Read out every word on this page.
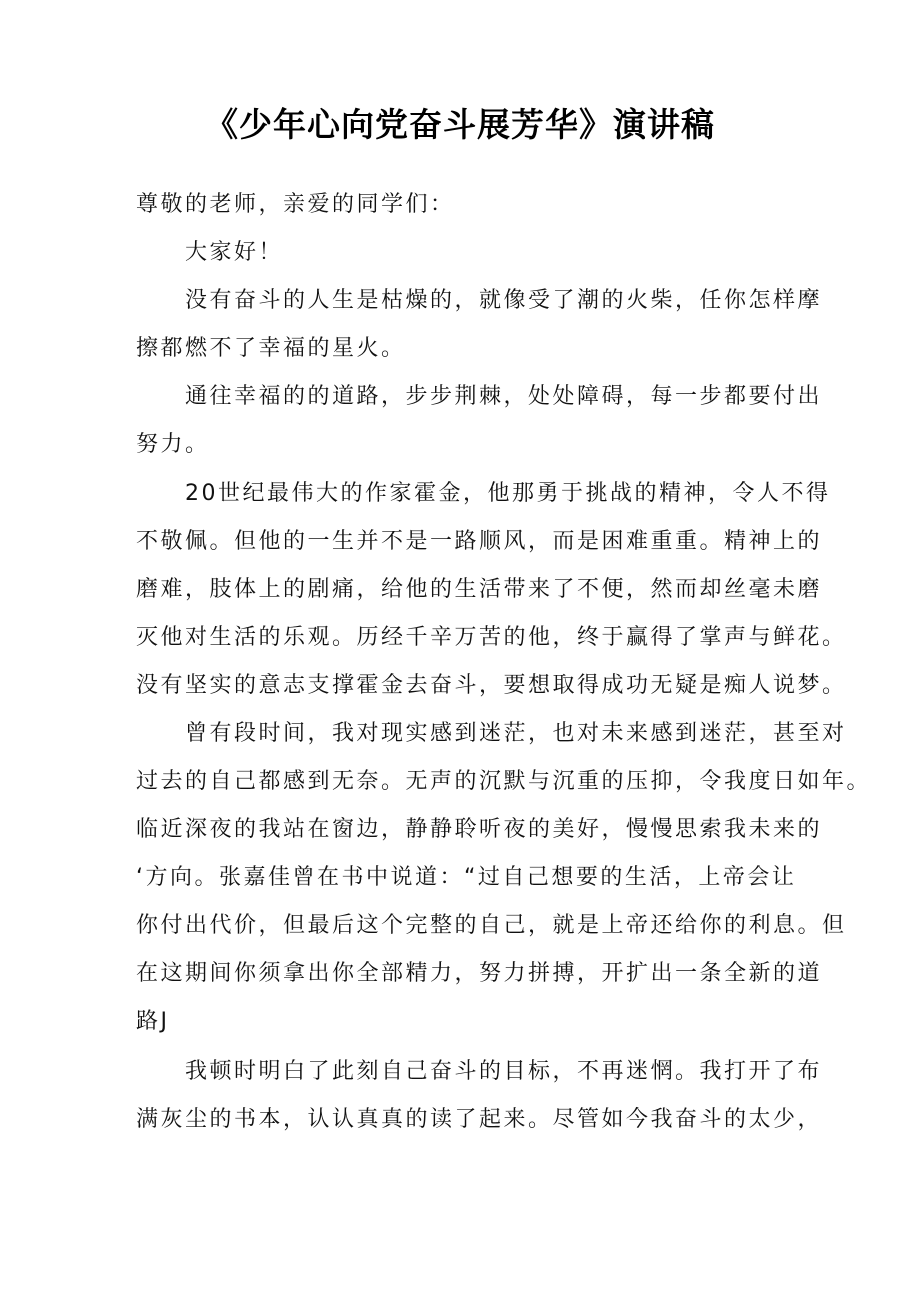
《少年心向党奋斗展芳华》演讲稿
尊敬的老师，亲爱的同学们：
大家好！
没有奋斗的人生是枯燥的，就像受了潮的火柴，任你怎样摩
擦都燃不了幸福的星火。
通往幸福的的道路，步步荆棘，处处障碍，每一步都要付出
努力。
20世纪最伟大的作家霍金，他那勇于挑战的精神，令人不得
不敬佩。但他的一生并不是一路顺风，而是困难重重。精神上的
磨难，肢体上的剧痛，给他的生活带来了不便，然而却丝毫未磨
灭他对生活的乐观。历经千辛万苦的他，终于赢得了掌声与鲜花。
没有坚实的意志支撑霍金去奋斗，要想取得成功无疑是痴人说梦。
曾有段时间，我对现实感到迷茫，也对未来感到迷茫，甚至对
过去的自己都感到无奈。无声的沉默与沉重的压抑，令我度日如年。
临近深夜的我站在窗边，静静聆听夜的美好，慢慢思索我未来的
‘方向。张嘉佳曾在书中说道：“过自己想要的生活，上帝会让
你付出代价，但最后这个完整的自己，就是上帝还给你的利息。但
在这期间你须拿出你全部精力，努力拼搏，开扩出一条全新的道
路J
我顿时明白了此刻自己奋斗的目标，不再迷惘。我打开了布
满灰尘的书本，认认真真的读了起来。尽管如今我奋斗的太少，
